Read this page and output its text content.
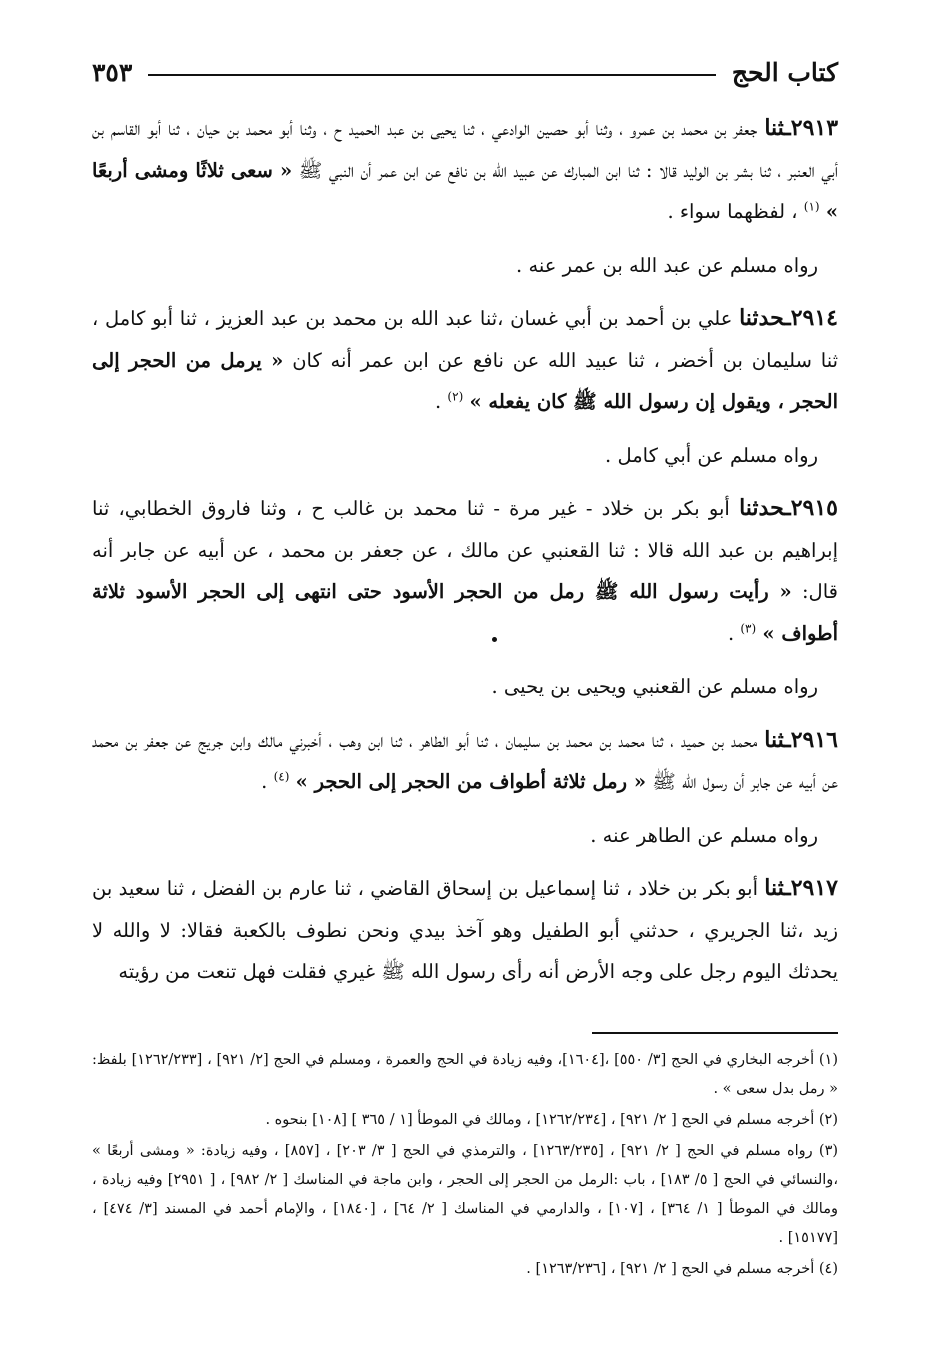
كتاب الحج
٣٥٣

٢٩١٣ـثنا جعفر بن محمد بن عمرو ، وثنا أبو حصين الوادعي ، ثنا يحيى بن عبد الحميد ح ، وثنا أبو محمد بن حيان ، ثنا أبو القاسم بن أبي العنبر ، ثنا بشر بن الوليد قالا : ثنا ابن المبارك عن عبيد الله بن نافع عن ابن عمر أن النبي ﷺ « سعى ثلاثًا ومشى أربعًا » $^{(١)}$ ، لفظهما سواء .

رواه مسلم عن عبد الله بن عمر عنه .

٢٩١٤ـحدثنا علي بن أحمد بن أبي غسان ،ثنا عبد الله بن محمد بن عبد العزيز ، ثنا أبو كامل ، ثنا سليمان بن أخضر ، ثنا عبيد الله عن نافع عن ابن عمر أنه كان « يرمل من الحجر إلى الحجر ، ويقول إن رسول الله ﷺ كان يفعله » $^{(٢)}$ .

رواه مسلم عن أبي كامل .

٢٩١٥ـحدثنا أبو بكر بن خلاد - غير مرة - ثنا محمد بن غالب ح ، وثنا فاروق الخطابي، ثنا إبراهيم بن عبد الله قالا : ثنا القعنبي عن مالك ، عن جعفر بن محمد ، عن أبيه عن جابر أنه قال: « رأيت رسول الله ﷺ رمل من الحجر الأسود حتى انتهى إلى الحجر الأسود ثلاثة أطواف » $^{(٣)}$ .

رواه مسلم عن القعنبي ويحيى بن يحيى .

٢٩١٦ـثنا محمد بن حميد ، ثنا محمد بن محمد بن سليمان ، ثنا أبو الطاهر ، ثنا ابن وهب ، أخبرني مالك وابن جريج عن جعفر بن محمد عن أبيه عن جابر أن رسول الله ﷺ « رمل ثلاثة أطواف من الحجر إلى الحجر » $^{(٤)}$ .

رواه مسلم عن الطاهر عنه .

٢٩١٧ـثنا أبو بكر بن خلاد ، ثنا إسماعيل بن إسحاق القاضي ، ثنا عارم بن الفضل ، ثنا سعيد بن زيد ،ثنا الجريري ، حدثني أبو الطفيل وهو آخذ بيدي ونحن نطوف بالكعبة فقالا: لا والله لا يحدثك اليوم رجل على وجه الأرض أنه رأى رسول الله ﷺ غيري فقلت فهل تنعت من رؤيته

(١) أخرجه البخاري في الحج [٣/ ٥٥٠] ،[١٦٠٤]، وفيه زيادة في الحج والعمرة ، ومسلم في الحج [٢/ ٩٢١] ، [١٢٦٢/٢٣٣] بلفظ: « رمل بدل سعى » .

(٢) أخرجه مسلم في الحج [ ٢/ ٩٢١] ، [١٢٦٢/٢٣٤] ، ومالك في الموطأ [١ / ٣٦٥ ] [١٠٨] بنحوه .

(٣) رواه مسلم في الحج [ ٢/ ٩٢١] ، [١٢٦٣/٢٣٥] ، والترمذي في الحج [ ٣/ ٢٠٣] ، [٨٥٧] ، وفيه زيادة: « ومشى أربعًا » ،والنسائي في الحج [ ٥/ ١٨٣] ، باب :الرمل من الحجر إلى الحجر ، وابن ماجة في المناسك [ ٢/ ٩٨٢] ، [ ٢٩٥١] وفيه زيادة ، ومالك في الموطأ [ ١/ ٣٦٤] ، [١٠٧] ، والدارمي في المناسك [ ٢/ ٦٤] ، [١٨٤٠] ، والإمام أحمد في المسند [٣/ ٤٧٤] ، [١٥١٧٧] .

(٤) أخرجه مسلم في الحج [ ٢/ ٩٢١] ، [١٢٦٣/٢٣٦] .
